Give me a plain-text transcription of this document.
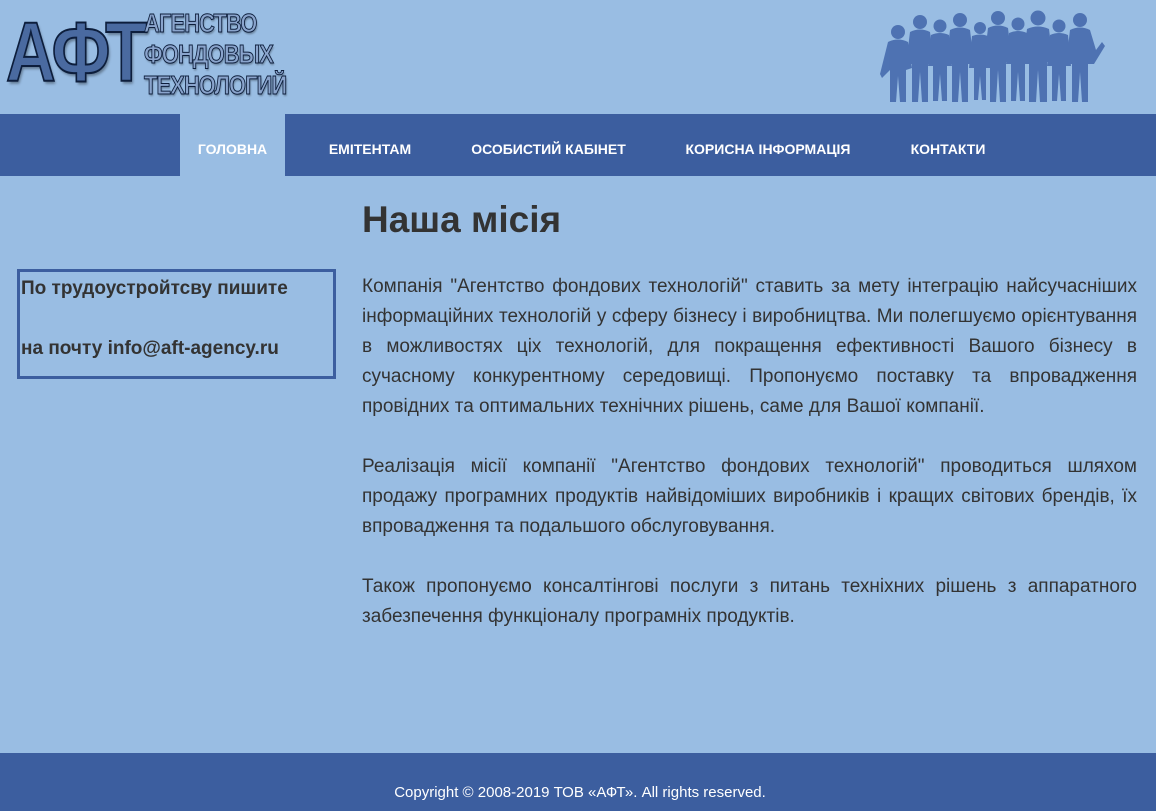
АФТ АГЕНСТВО
ФОНДОВЫХ
ТЕХНОЛОГИЙ
ГОЛОВНА	ЕМІТЕНТАМ	ОСОБИСТИЙ КАБІНЕТ	КОРИСНА ІНФОРМАЦІЯ	КОНТАКТИ
По трудоустройтсву пишите
на почту info@aft-agency.ru
Наша місія

Компанія "Агентство фондових технологій" ставить за мету інтеграцію найсучасніших інформаційних технологій у сферу бізнесу і виробництва. Ми полегшуємо орієнтування в можливостях ціх технологій, для покращення ефективності Вашого бізнесу в сучасному конкурентному середовищі. Пропонуємо поставку та впровадження провідних та оптимальних технічних рішень, саме для Вашої компанії.

Реалізація місії компанії "Агентство фондових технологій" проводиться шляхом продажу програмних продуктів найвідоміших виробників і кращих світових брендів, їх впровадження та подальшого обслуговування.

Також пропонуємо консалтінгові послуги з питань техніхних рішень з аппаратного забезпечення функціоналу програмніх продуктів.

Copyright © 2008-2019 ТОВ «АФТ». All rights reserved.
